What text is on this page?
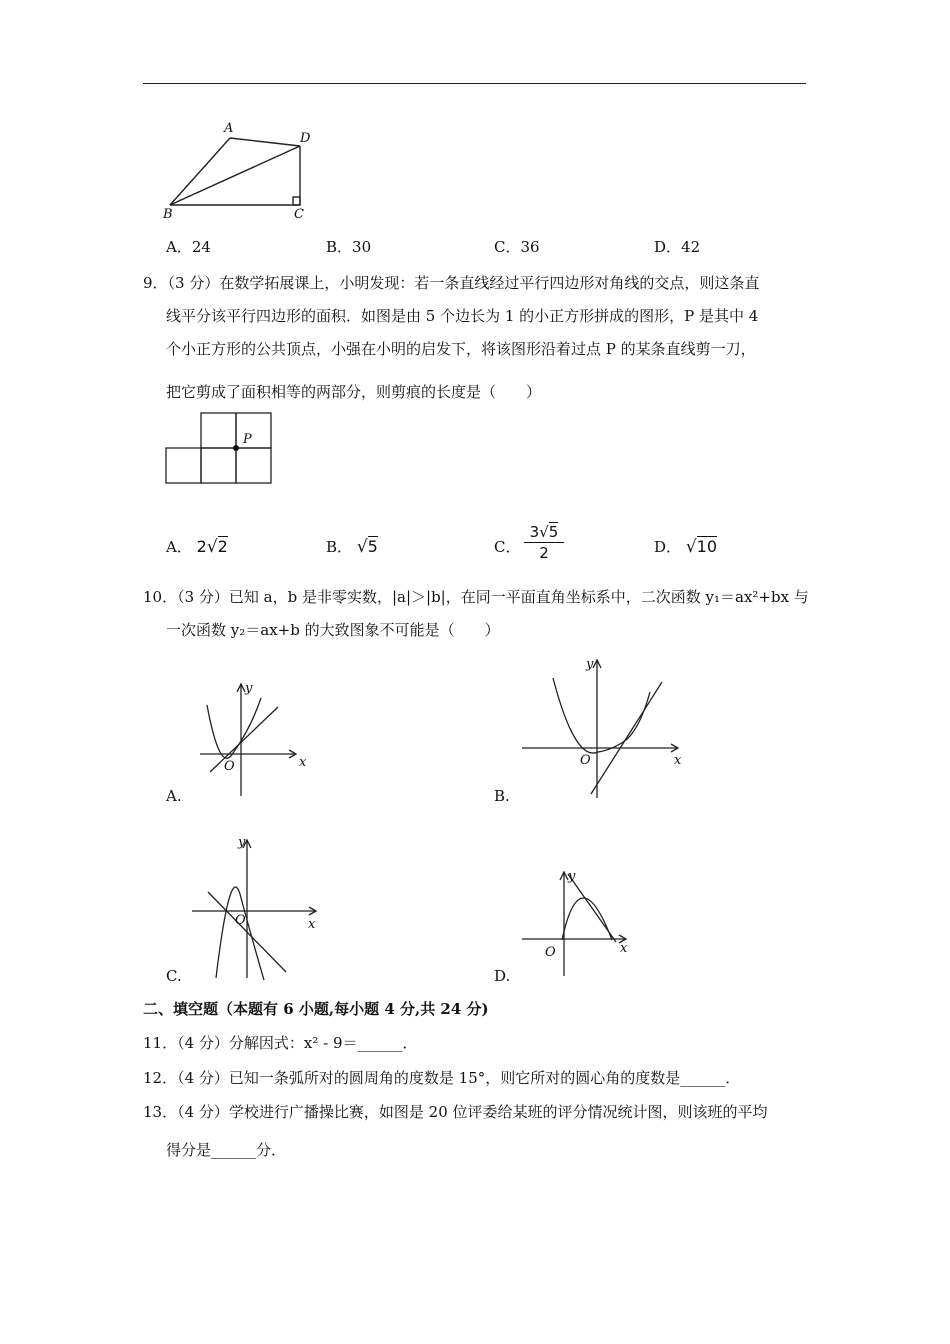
A
D
B	C
A．24	B．30	C．36	D．42
9．（3 分）在数学拓展课上，小明发现：若一条直线经过平行四边形对角线的交点，则这条直
线平分该平行四边形的面积．如图是由 5 个边长为 1 的小正方形拼成的图形，P 是其中 4
个小正方形的公共顶点，小强在小明的启发下，将该图形沿着过点 P 的某条直线剪一刀，
把它剪成了面积相等的两部分，则剪痕的长度是（　　）
P
A． 2√2	B． √5	C．
3√5
2	D． √10
10．（3 分）已知 a，b 是非零实数，|a|＞|b|，在同一平面直角坐标系中，二次函数 y₁＝ax²+bx 与
一次函数 y₂＝ax+b 的大致图象不可能是（　　）
y
x
O
A.
y
x
O
B.
y
x
O
C.
y
x
O
D.
二、填空题（本题有 6 小题,每小题 4 分,共 24 分)
11．（4 分）分解因式：x² - 9＝______．
12．（4 分）已知一条弧所对的圆周角的度数是 15°，则它所对的圆心角的度数是______．
13．（4 分）学校进行广播操比赛，如图是 20 位评委给某班的评分情况统计图，则该班的平均
得分是______分．
